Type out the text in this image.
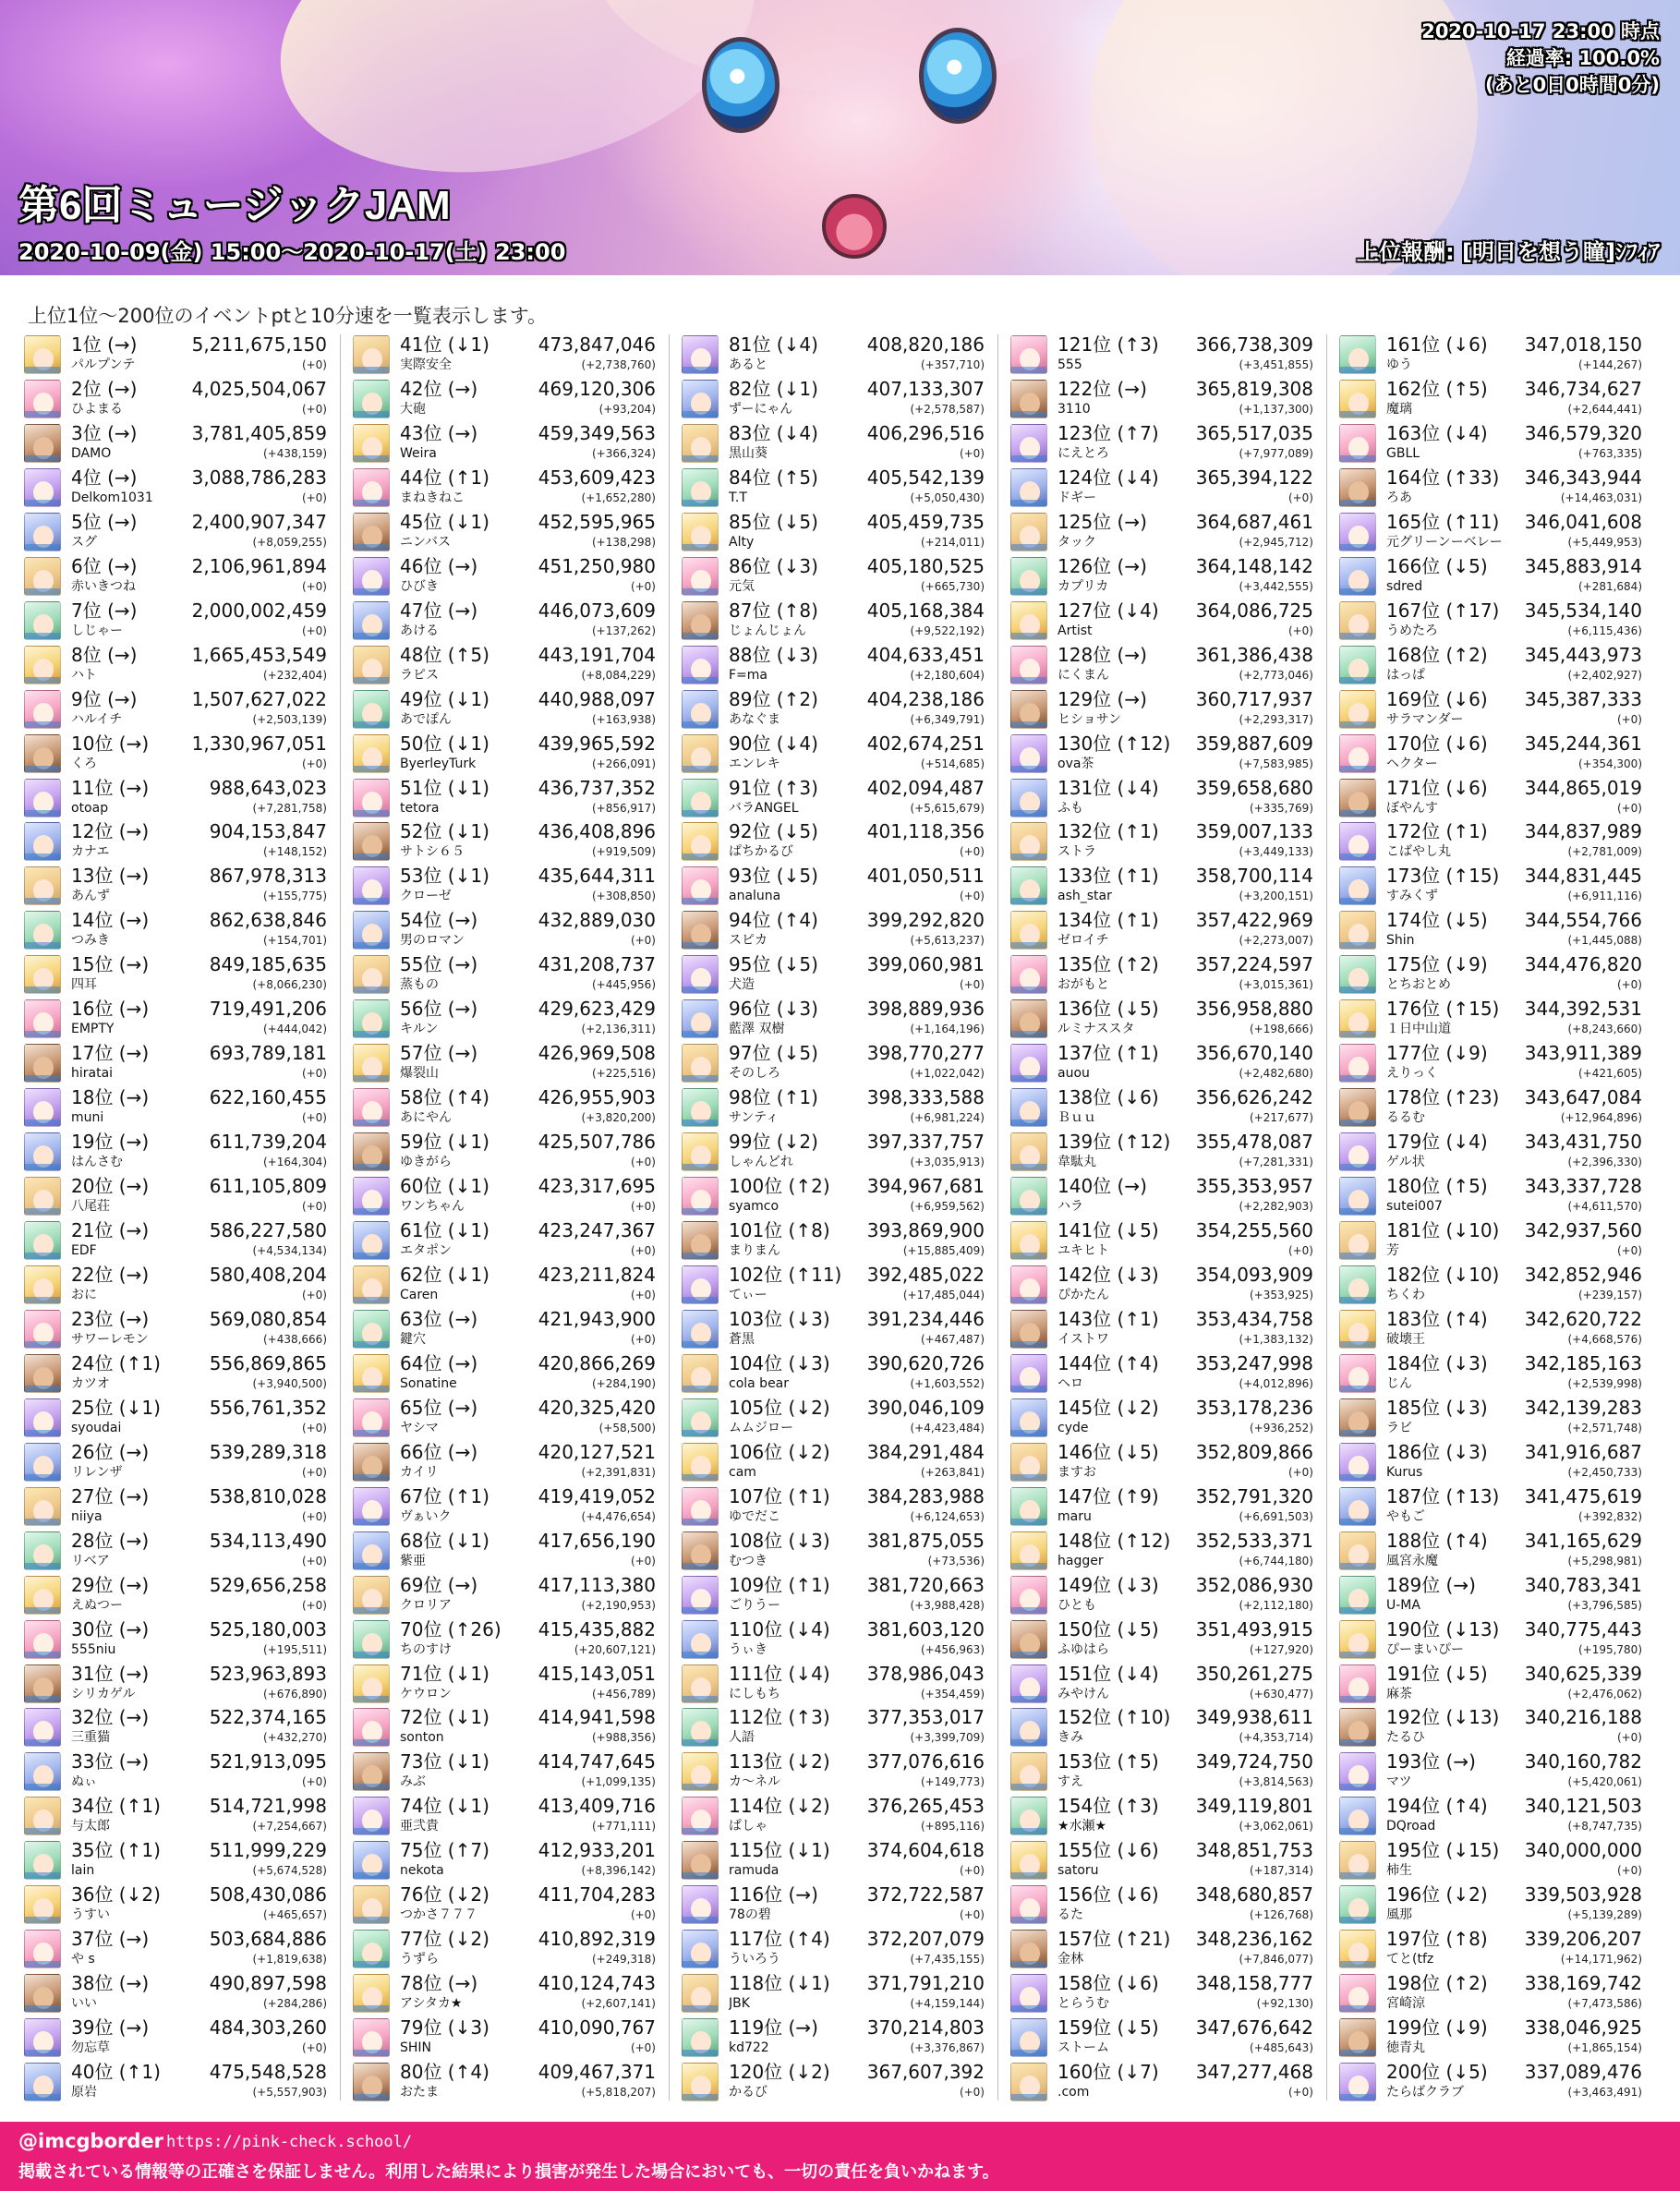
2020-10-17 23:00 時点
経過率: 100.0%
(あと0日0時間0分)
第6回ミュージックJAM
2020-10-09(金) 15:00～2020-10-17(土) 23:00	上位報酬: [明日を想う瞳]ｼﾌｨｱ
上位1位～200位のイベントptと10分速を一覧表示します。
1位 (→)	5,211,675,150
パルプンテ	(+0)
2位 (→)	4,025,504,067
ひよまる	(+0)
3位 (→)	3,781,405,859
DAMO	(+438,159)
4位 (→)	3,088,786,283
Delkom1031	(+0)
5位 (→)	2,400,907,347
スグ	(+8,059,255)
6位 (→)	2,106,961,894
赤いきつね	(+0)
7位 (→)	2,000,002,459
しじゃー	(+0)
8位 (→)	1,665,453,549
ハト	(+232,404)
9位 (→)	1,507,627,022
ハルイチ	(+2,503,139)
10位 (→) 1,330,967,051
くろ	(+0)
11位 (→)	988,643,023
otoap	(+7,281,758)
12位 (→)	904,153,847
カナエ	(+148,152)
13位 (→)	867,978,313
あんず	(+155,775)
14位 (→)	862,638,846
つみき	(+154,701)
15位 (→)	849,185,635
四耳	(+8,066,230)
16位 (→)	719,491,206
EMPTY	(+444,042)
17位 (→)	693,789,181
hiratai	(+0)
18位 (→)	622,160,455
muni	(+0)
19位 (→)	611,739,204
はんさむ	(+164,304)
20位 (→)	611,105,809
八尾荘	(+0)
21位 (→)	586,227,580
EDF	(+4,534,134)
22位 (→)	580,408,204
おに	(+0)
23位 (→)	569,080,854
サワーレモン	(+438,666)
24位 (↑1)	556,869,865
カツオ	(+3,940,500)
25位 (↓1)	556,761,352
syoudai	(+0)
26位 (→)	539,289,318
リレンザ	(+0)
27位 (→)	538,810,028
niiya	(+0)
28位 (→)	534,113,490
リベア	(+0)
29位 (→)	529,656,258
えぬつー	(+0)
30位 (→)	525,180,003
555niu	(+195,511)
31位 (→)	523,963,893
シリカゲル	(+676,890)
32位 (→)	522,374,165
三重猫	(+432,270)
33位 (→)	521,913,095
ぬぃ	(+0)
34位 (↑1)	514,721,998
与太郎	(+7,254,667)
35位 (↑1)	511,999,229
lain	(+5,674,528)
36位 (↓2)	508,430,086
うすい	(+465,657)
37位 (→)	503,684,886
や s	(+1,819,638)
38位 (→)	490,897,598
いい	(+284,286)
39位 (→)	484,303,260
勿忘草	(+0)
40位 (↑1)	475,548,528
原岩	(+5,557,903)
41位 (↓1)	473,847,046
実際安全	(+2,738,760)
42位 (→)	469,120,306
大砲	(+93,204)
43位 (→)	459,349,563
Weira	(+366,324)
44位 (↑1)	453,609,423
まねきねこ	(+1,652,280)
45位 (↓1)	452,595,965
ニンバス	(+138,298)
46位 (→)	451,250,980
ひびき	(+0)
47位 (→)	446,073,609
あける	(+137,262)
48位 (↑5)	443,191,704
ラピス	(+8,084,229)
49位 (↓1)	440,988,097
あでぽん	(+163,938)
50位 (↓1)	439,965,592
ByerleyTurk	(+266,091)
51位 (↓1)	436,737,352
tetora	(+856,917)
52位 (↓1)	436,408,896
サトシ６５	(+919,509)
53位 (↓1)	435,644,311
クローゼ	(+308,850)
54位 (→)	432,889,030
男のロマン	(+0)
55位 (→)	431,208,737
蒸もの	(+445,956)
56位 (→)	429,623,429
キルン	(+2,136,311)
57位 (→)	426,969,508
爆裂山	(+225,516)
58位 (↑4)	426,955,903
あにやん	(+3,820,200)
59位 (↓1)	425,507,786
ゆきがら	(+0)
60位 (↓1)	423,317,695
ワンちゃん	(+0)
61位 (↓1)	423,247,367
エタポン	(+0)
62位 (↓1)	423,211,824
Caren	(+0)
63位 (→)	421,943,900
鍵穴	(+0)
64位 (→)	420,866,269
Sonatine	(+284,190)
65位 (→)	420,325,420
ヤシマ	(+58,500)
66位 (→)	420,127,521
カイリ	(+2,391,831)
67位 (↑1)	419,419,052
ヴぁいク	(+4,476,654)
68位 (↓1)	417,656,190
紫亜	(+0)
69位 (→)	417,113,380
クロリア	(+2,190,953)
70位 (↑26) 415,435,882
ちのすけ	(+20,607,121)
71位 (↓1)	415,143,051
ケウロン	(+456,789)
72位 (↓1)	414,941,598
sonton	(+988,356)
73位 (↓1)	414,747,645
みぶ	(+1,099,135)
74位 (↓1)	413,409,716
亜弐貴	(+771,111)
75位 (↑7)	412,933,201
nekota	(+8,396,142)
76位 (↓2)	411,704,283
つかさ７７７	(+0)
77位 (↓2)	410,892,319
うずら	(+249,318)
78位 (→)	410,124,743
アシタカ★	(+2,607,141)
79位 (↓3)	410,090,767
SHIN	(+0)
80位 (↑4)	409,467,371
おたま	(+5,818,207)
81位 (↓4)	408,820,186
あると	(+357,710)
82位 (↓1)	407,133,307
ずーにゃん	(+2,578,587)
83位 (↓4)	406,296,516
黒山葵	(+0)
84位 (↑5)	405,542,139
T.T	(+5,050,430)
85位 (↓5)	405,459,735
Alty	(+214,011)
86位 (↓3)	405,180,525
元気	(+665,730)
87位 (↑8)	405,168,384
じょんじょん	(+9,522,192)
88位 (↓3)	404,633,451
F=ma	(+2,180,604)
89位 (↑2)	404,238,186
あなぐま	(+6,349,791)
90位 (↓4)	402,674,251
エンレキ	(+514,685)
91位 (↑3)	402,094,487
バラANGEL	(+5,615,679)
92位 (↓5)	401,118,356
ぱちかるび	(+0)
93位 (↓5)	401,050,511
analuna	(+0)
94位 (↑4)	399,292,820
スピカ	(+5,613,237)
95位 (↓5)	399,060,981
犬造	(+0)
96位 (↓3)	398,889,936
藍澤 双樹	(+1,164,196)
97位 (↓5)	398,770,277
そのしろ	(+1,022,042)
98位 (↑1)	398,333,588
サンティ	(+6,981,224)
99位 (↓2)	397,337,757
しゃんどれ	(+3,035,913)
100位 (↑2) 394,967,681
syamco	(+6,959,562)
101位 (↑8) 393,869,900
まりまん	(+15,885,409)
102位 (↑11) 392,485,022
てぃー	(+17,485,044)
103位 (↓3) 391,234,446
蒼黒	(+467,487)
104位 (↓3) 390,620,726
cola bear	(+1,603,552)
105位 (↓2) 390,046,109
ムムジロー	(+4,423,484)
106位 (↓2) 384,291,484
cam	(+263,841)
107位 (↑1) 384,283,988
ゆでだこ	(+6,124,653)
108位 (↓3) 381,875,055
むつき	(+73,536)
109位 (↑1) 381,720,663
ごりうー	(+3,988,428)
110位 (↓4) 381,603,120
うぃき	(+456,963)
111位 (↓4) 378,986,043
にしもち	(+354,459)
112位 (↑3) 377,353,017
人語	(+3,399,709)
113位 (↓2) 377,076,616
カ～ネル	(+149,773)
114位 (↓2) 376,265,453
ぱしゃ	(+895,116)
115位 (↓1) 374,604,618
ramuda	(+0)
116位 (→)	372,722,587
78の碧	(+0)
117位 (↑4) 372,207,079
ういろう	(+7,435,155)
118位 (↓1) 371,791,210
JBK	(+4,159,144)
119位 (→)	370,214,803
kd722	(+3,376,867)
120位 (↓2) 367,607,392
かるび	(+0)
121位 (↑3) 366,738,309
555	(+3,451,855)
122位 (→)	365,819,308
3110	(+1,137,300)
123位 (↑7) 365,517,035
にえとろ	(+7,977,089)
124位 (↓4) 365,394,122
ドギー	(+0)
125位 (→)	364,687,461
タック	(+2,945,712)
126位 (→)	364,148,142
カプリカ	(+3,442,555)
127位 (↓4) 364,086,725
Artist	(+0)
128位 (→)	361,386,438
にくまん	(+2,773,046)
129位 (→)	360,717,937
ヒショサン	(+2,293,317)
130位 (↑12) 359,887,609
ova茶	(+7,583,985)
131位 (↓4) 359,658,680
ふも	(+335,769)
132位 (↑1) 359,007,133
ストラ	(+3,449,133)
133位 (↑1) 358,700,114
ash_star	(+3,200,151)
134位 (↑1) 357,422,969
ゼロイチ	(+2,273,007)
135位 (↑2) 357,224,597
おがもと	(+3,015,361)
136位 (↓5) 356,958,880
ルミナススタ	(+198,666)
137位 (↑1) 356,670,140
auou	(+2,482,680)
138位 (↓6) 356,626,242
Ｂｕｕ	(+217,677)
139位 (↑12) 355,478,087
韋駄丸	(+7,281,331)
140位 (→)	355,353,957
ハラ	(+2,282,903)
141位 (↓5) 354,255,560
ユキヒト	(+0)
142位 (↓3) 354,093,909
ぴかたん	(+353,925)
143位 (↑1) 353,434,758
イストワ	(+1,383,132)
144位 (↑4) 353,247,998
ヘロ	(+4,012,896)
145位 (↓2) 353,178,236
cyde	(+936,252)
146位 (↓5) 352,809,866
ますお	(+0)
147位 (↑9) 352,791,320
maru	(+6,691,503)
148位 (↑12) 352,533,371
hagger	(+6,744,180)
149位 (↓3) 352,086,930
ひとも	(+2,112,180)
150位 (↓5) 351,493,915
ふゆはら	(+127,920)
151位 (↓4) 350,261,275
みやけん	(+630,477)
152位 (↑10) 349,938,611
きみ	(+4,353,714)
153位 (↑5) 349,724,750
すえ	(+3,814,563)
154位 (↑3) 349,119,801
★水瀬★	(+3,062,061)
155位 (↓6) 348,851,753
satoru	(+187,314)
156位 (↓6) 348,680,857
るた	(+126,768)
157位 (↑21) 348,236,162
金林	(+7,846,077)
158位 (↓6) 348,158,777
とらうむ	(+92,130)
159位 (↓5) 347,676,642
ストーム	(+485,643)
160位 (↓7) 347,277,468
.com	(+0)
161位 (↓6) 347,018,150
ゆう	(+144,267)
162位 (↑5) 346,734,627
魔璃	(+2,644,441)
163位 (↓4) 346,579,320
GBLL	(+763,335)
164位 (↑33) 346,343,944
ろあ	(+14,463,031)
165位 (↑11) 346,041,608
元グリーンーベレー	(+5,449,953)
166位 (↓5) 345,883,914
sdred	(+281,684)
167位 (↑17) 345,534,140
うめたろ	(+6,115,436)
168位 (↑2) 345,443,973
はっぱ	(+2,402,927)
169位 (↓6) 345,387,333
サラマンダー	(+0)
170位 (↓6) 345,244,361
ヘクター	(+354,300)
171位 (↓6) 344,865,019
ぼやんす	(+0)
172位 (↑1) 344,837,989
こばやし丸	(+2,781,009)
173位 (↑15) 344,831,445
すみくず	(+6,911,116)
174位 (↓5) 344,554,766
Shin	(+1,445,088)
175位 (↓9) 344,476,820
とちおとめ	(+0)
176位 (↑15) 344,392,531
１日中山道	(+8,243,660)
177位 (↓9) 343,911,389
えりっく	(+421,605)
178位 (↑23) 343,647,084
るるむ	(+12,964,896)
179位 (↓4) 343,431,750
ゲル状	(+2,396,330)
180位 (↑5) 343,337,728
sutei007	(+4,611,570)
181位 (↓10) 342,937,560
芳	(+0)
182位 (↓10) 342,852,946
ちくわ	(+239,157)
183位 (↑4) 342,620,722
破壊王	(+4,668,576)
184位 (↓3) 342,185,163
じん	(+2,539,998)
185位 (↓3) 342,139,283
ラビ	(+2,571,748)
186位 (↓3) 341,916,687
Kurus	(+2,450,733)
187位 (↑13) 341,475,619
やもご	(+392,832)
188位 (↑4) 341,165,629
風宮永魔	(+5,298,981)
189位 (→)	340,783,341
U-MA	(+3,796,585)
190位 (↓13) 340,775,443
ぴーまいぴー	(+195,780)
191位 (↓5) 340,625,339
麻茶	(+2,476,062)
192位 (↓13) 340,216,188
たるひ	(+0)
193位 (→)	340,160,782
マツ	(+5,420,061)
194位 (↑4) 340,121,503
DQroad	(+8,747,735)
195位 (↓15) 340,000,000
柿生	(+0)
196位 (↓2) 339,503,928
風那	(+5,139,289)
197位 (↑8) 339,206,207
てと(tfz	(+14,171,962)
198位 (↑2) 338,169,742
宮崎涼	(+7,473,586)
199位 (↓9) 338,046,925
徳青丸	(+1,865,154)
200位 (↓5) 337,089,476
たらばクラブ	(+3,463,491)
@imcgborder https://pink-check.school/
掲載されている情報等の正確さを保証しません。利用した結果により損害が発生した場合においても、一切の責任を負いかねます。
